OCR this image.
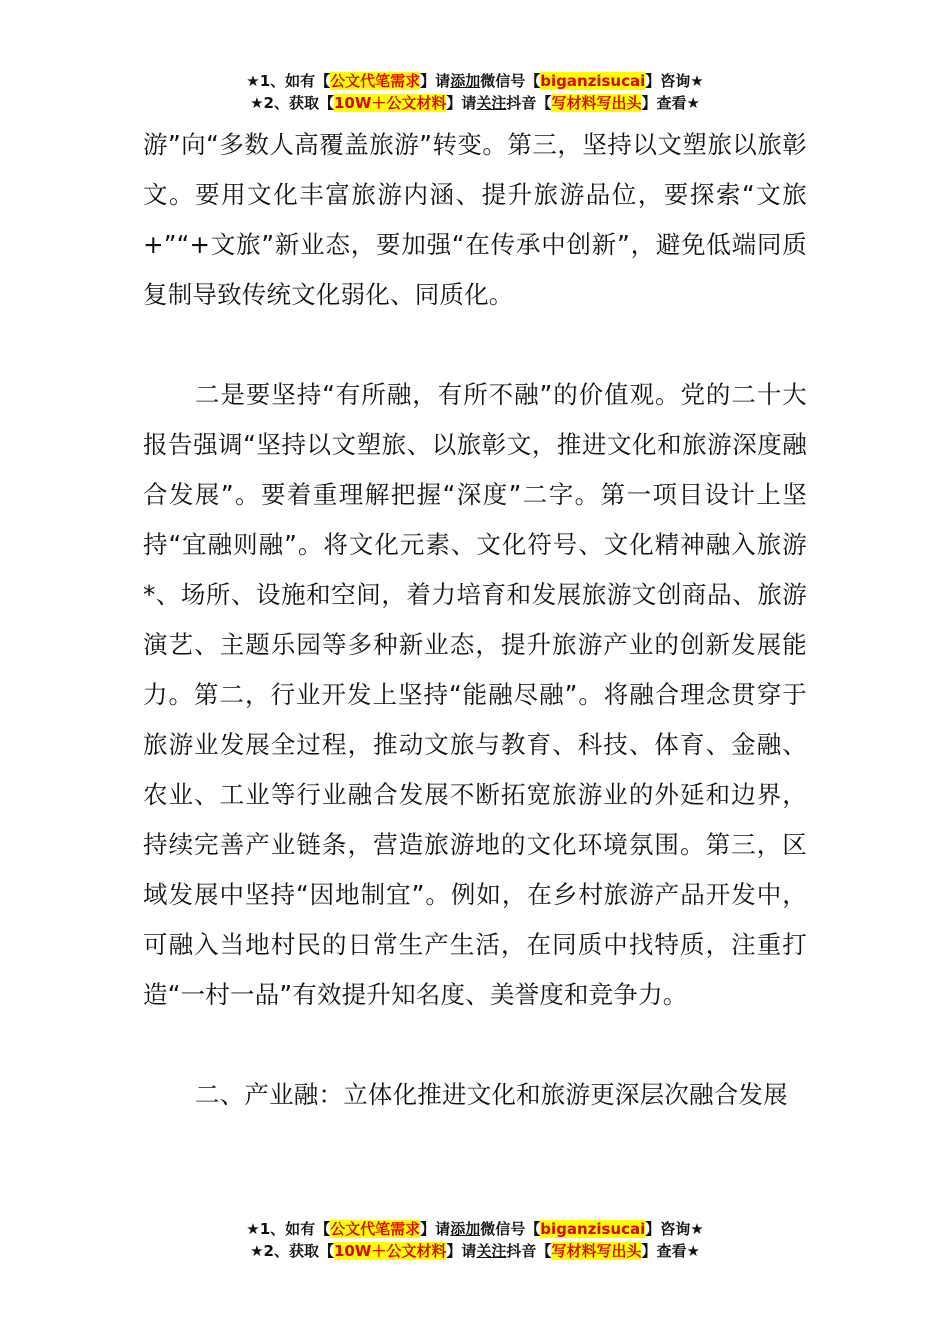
★1、如有【公文代笔需求】请添加微信号【biganzisucai】咨询★
★2、获取【10W＋公文材料】请关注抖音【写材料写出头】查看★

游”向“多数人高覆盖旅游”转变。第三，坚持以文塑旅以旅彰文。要用文化丰富旅游内涵、提升旅游品位，要探索“文旅+”“+文旅”新业态，要加强“在传承中创新”，避免低端同质复制导致传统文化弱化、同质化。

二是要坚持“有所融，有所不融”的价值观。党的二十大报告强调“坚持以文塑旅、以旅彰文，推进文化和旅游深度融合发展”。要着重理解把握“深度”二字。第一项目设计上坚持“宜融则融”。将文化元素、文化符号、文化精神融入旅游*、场所、设施和空间，着力培育和发展旅游文创商品、旅游演艺、主题乐园等多种新业态，提升旅游产业的创新发展能力。第二，行业开发上坚持“能融尽融”。将融合理念贯穿于旅游业发展全过程，推动文旅与教育、科技、体育、金融、农业、工业等行业融合发展不断拓宽旅游业的外延和边界，持续完善产业链条，营造旅游地的文化环境氛围。第三，区域发展中坚持“因地制宜”。例如，在乡村旅游产品开发中，可融入当地村民的日常生产生活，在同质中找特质，注重打造“一村一品”有效提升知名度、美誉度和竞争力。

二、产业融：立体化推进文化和旅游更深层次融合发展

★1、如有【公文代笔需求】请添加微信号【biganzisucai】咨询★
★2、获取【10W＋公文材料】请关注抖音【写材料写出头】查看★
